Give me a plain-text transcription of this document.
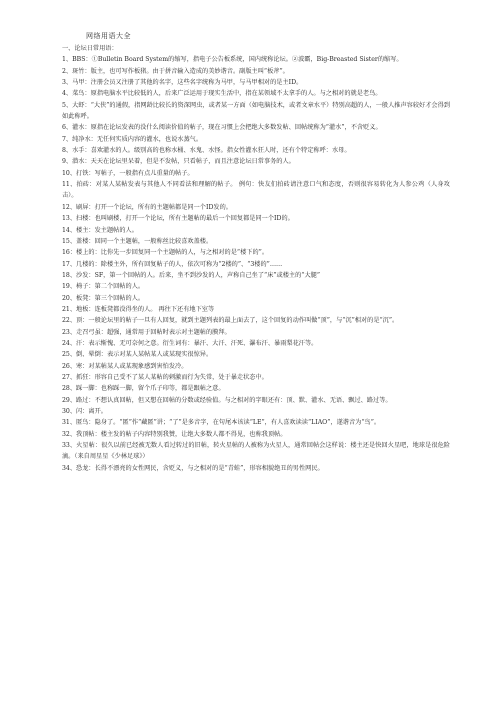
网络用语大全
一、论坛日常用语：

1、BBS：①Bulletin Board System的缩写，指电子公告板系统，国内统称论坛。②波霸，Big-Breasted Sister的缩写。

2、斑竹：版主，也可写作板猪。由于拼音输入造成的美妙谐音。副版主叫“板斧”。

3、马甲：注册会员又注册了其他的名字，这些名字统称为马甲，与马甲相对的是主ID。

4、菜鸟：原指电脑水平比较低的人，后来广泛运用于现实生活中，指在某领域不太拿手的人。与之相对的就是老鸟。

5、大虾：“大侠”的通假，指网龄比较长的资深网虫，或者某一方面（如电脑技术，或者文章水平）特别高超的人，一般人推声容较好才会得到如此称呼。

6、灌水：原指在论坛发表的没什么阅读价值的帖子，现在习惯上会把绝大多数发帖、回帖统称为“灌水”，不含贬义。

7、纯净水：无任何实质内容的灌水，也说水蒸气。

8、水手：喜欢灌水的人。级别高的也称水桶、水鬼、水怪。指女性灌水狂人时，还有个特定称呼：水母。

9、潜水：天天在论坛里呆着，但是不发帖，只看帖子，而且注意论坛日常事务的人。

10、打铁：写帖子，一般指有点儿重量的帖子。

11、拍砖：对某人某帖发表与其他人不同看法和理解的帖子。 例句：快友们拍砖请注意口气和态度，否则很容易转化为人参公鸡（人身攻击）。

12、刷屏：打开一个论坛，所有的主题帖都是同一个ID发的。

13、扫楼：也叫刷楼，打开一个论坛，所有主题帖的最后一个回复都是同一个ID的。

14、楼主：发主题帖的人。

15、盖楼：回同一个主题帖，一般称丝比较喜欢盖楼。

16：楼上的：比你先一步回复同一个主题帖的人，与之相对的是“楼下的”。

17、几楼的：除楼主外，所有回复帖子的人，依次可称为“2楼的”、“3楼的”……

18、沙发：SF，第一个回帖的人。后来，坐不到沙发的人，声称自己坐了“床”或楼主的“大腿”

19、椅子：第二个回帖的人。

20、板凳：第三个回帖的人。

21、地板：连板凳都没得坐的人。 再往下还有地下室等

22、顶：一般论坛里的帖子一旦有人回复，就到主题列表的最上面去了，这个回复的动作叫做“顶”，与“沉”相对的是“沉”。

23、走召弓虽：超强，通常用于回帖时表示对主题帖的膜拜。

24、汗：表示惭愧、无可奈何之意。衍生词有：暴汗、大汗、汗死、瀑布汗、暴雨梨花汗等。

25、倒、晕倒：表示对某人某帖某人或某现实很惊异。

26、寒：对某帖某人或某现象感到害怕发冷。

27、抓狂：形容自己受不了某人某帖的刺激而行为失常，处于暴走状态中。

28、踩一脚：也称踩一脚，留个爪子印等，都是跟帖之意。

29、路过：不想认真回帖，但又想在回帖的分数或经验值。与之相对的字眼还有：顶、默、灌水、无语、飘过、路过等。

30、闪：离开。

31、匿鸟：隐身了。“匿”作“藏匿”讲；“了”是多音字，在句尾本该读“LE”，有人喜欢读读“LIAO”，遂谐音为“鸟”。

32、我顶帖：楼主发的帖子内容特别我赞，让绝大多数人都不得见，也称我顶帖。

33、火星帖：很久以前已经被无数人看过转过的旧帖，转火星帖的人被称为火星人，通常回帖会这样说：楼主还是快回火星吧，地球是很危险滴。（来自周星星《少林足球》）

34、恐龙：长得不漂亮的女性网民，含贬义，与之相对的是“青蛙”，形容相貌绝丑的男性网民。
